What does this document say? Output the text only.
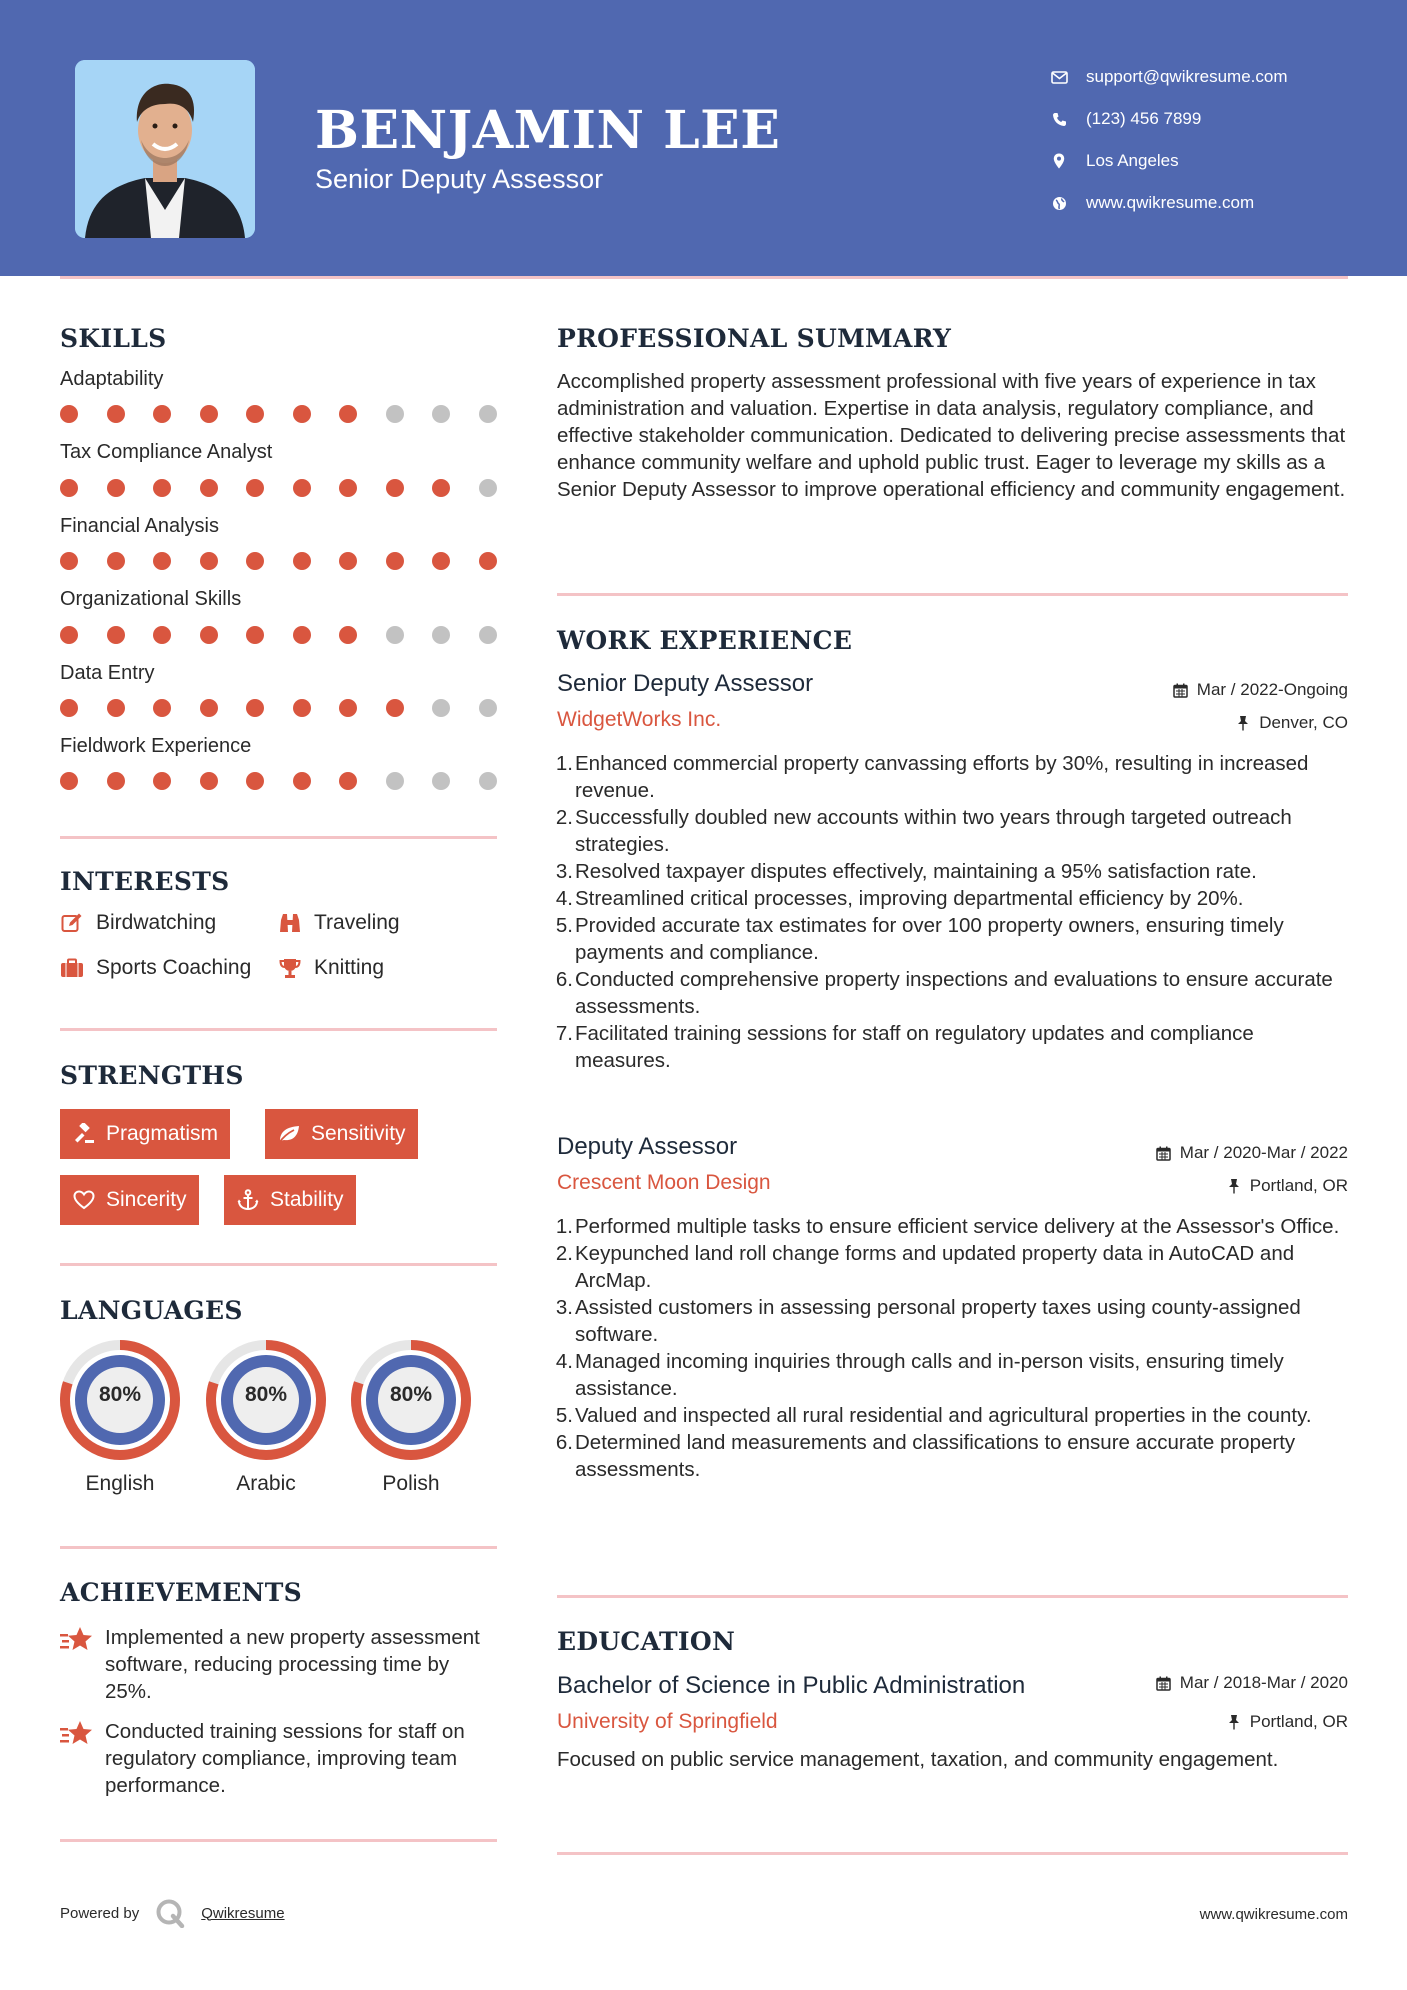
BENJAMIN LEE
Senior Deputy Assessor
support@qwikresume.com
(123) 456 7899
Los Angeles
www.qwikresume.com
SKILLS
Adaptability
Tax Compliance Analyst
Financial Analysis
Organizational Skills
Data Entry
Fieldwork Experience
INTERESTS
Birdwatching	Traveling
Sports Coaching	Knitting
STRENGTHS
Pragmatism	Sensitivity
Sincerity	Stability
LANGUAGES
80%
English
80%
Arabic
80%
Polish
ACHIEVEMENTS
Implemented a new property assessment software, reducing processing time by 25%.
Conducted training sessions for staff on regulatory compliance, improving team performance.
PROFESSIONAL SUMMARY
Accomplished property assessment professional with five years of experience in tax administration and valuation. Expertise in data analysis, regulatory compliance, and effective stakeholder communication. Dedicated to delivering precise assessments that enhance community welfare and uphold public trust. Eager to leverage my skills as a Senior Deputy Assessor to improve operational efficiency and community engagement.
WORK EXPERIENCE
Senior Deputy Assessor	Mar / 2022-Ongoing
WidgetWorks Inc.	Denver, CO
1 . Enhanced commercial property canvassing efforts by 30%, resulting in increased revenue.
2 . Successfully doubled new accounts within two years through targeted outreach strategies.
3 . Resolved taxpayer disputes effectively, maintaining a 95% satisfaction rate.
4 . Streamlined critical processes, improving departmental efficiency by 20%.
5 . Provided accurate tax estimates for over 100 property owners, ensuring timely payments and compliance.
6 . Conducted comprehensive property inspections and evaluations to ensure accurate assessments.
7 . Facilitated training sessions for staff on regulatory updates and compliance measures.
Deputy Assessor	Mar / 2020-Mar / 2022
Crescent Moon Design	Portland, OR
1 . Performed multiple tasks to ensure efficient service delivery at the Assessor's Office.
2 . Keypunched land roll change forms and updated property data in AutoCAD and ArcMap.
3 . Assisted customers in assessing personal property taxes using county-assigned software.
4 . Managed incoming inquiries through calls and in-person visits, ensuring timely assistance.
5 . Valued and inspected all rural residential and agricultural properties in the county.
6 . Determined land measurements and classifications to ensure accurate property assessments.
EDUCATION
Bachelor of Science in Public Administration	Mar / 2018-Mar / 2020
University of Springfield	Portland, OR
Focused on public service management, taxation, and community engagement.
Powered by	Qwikresume	www.qwikresume.com
